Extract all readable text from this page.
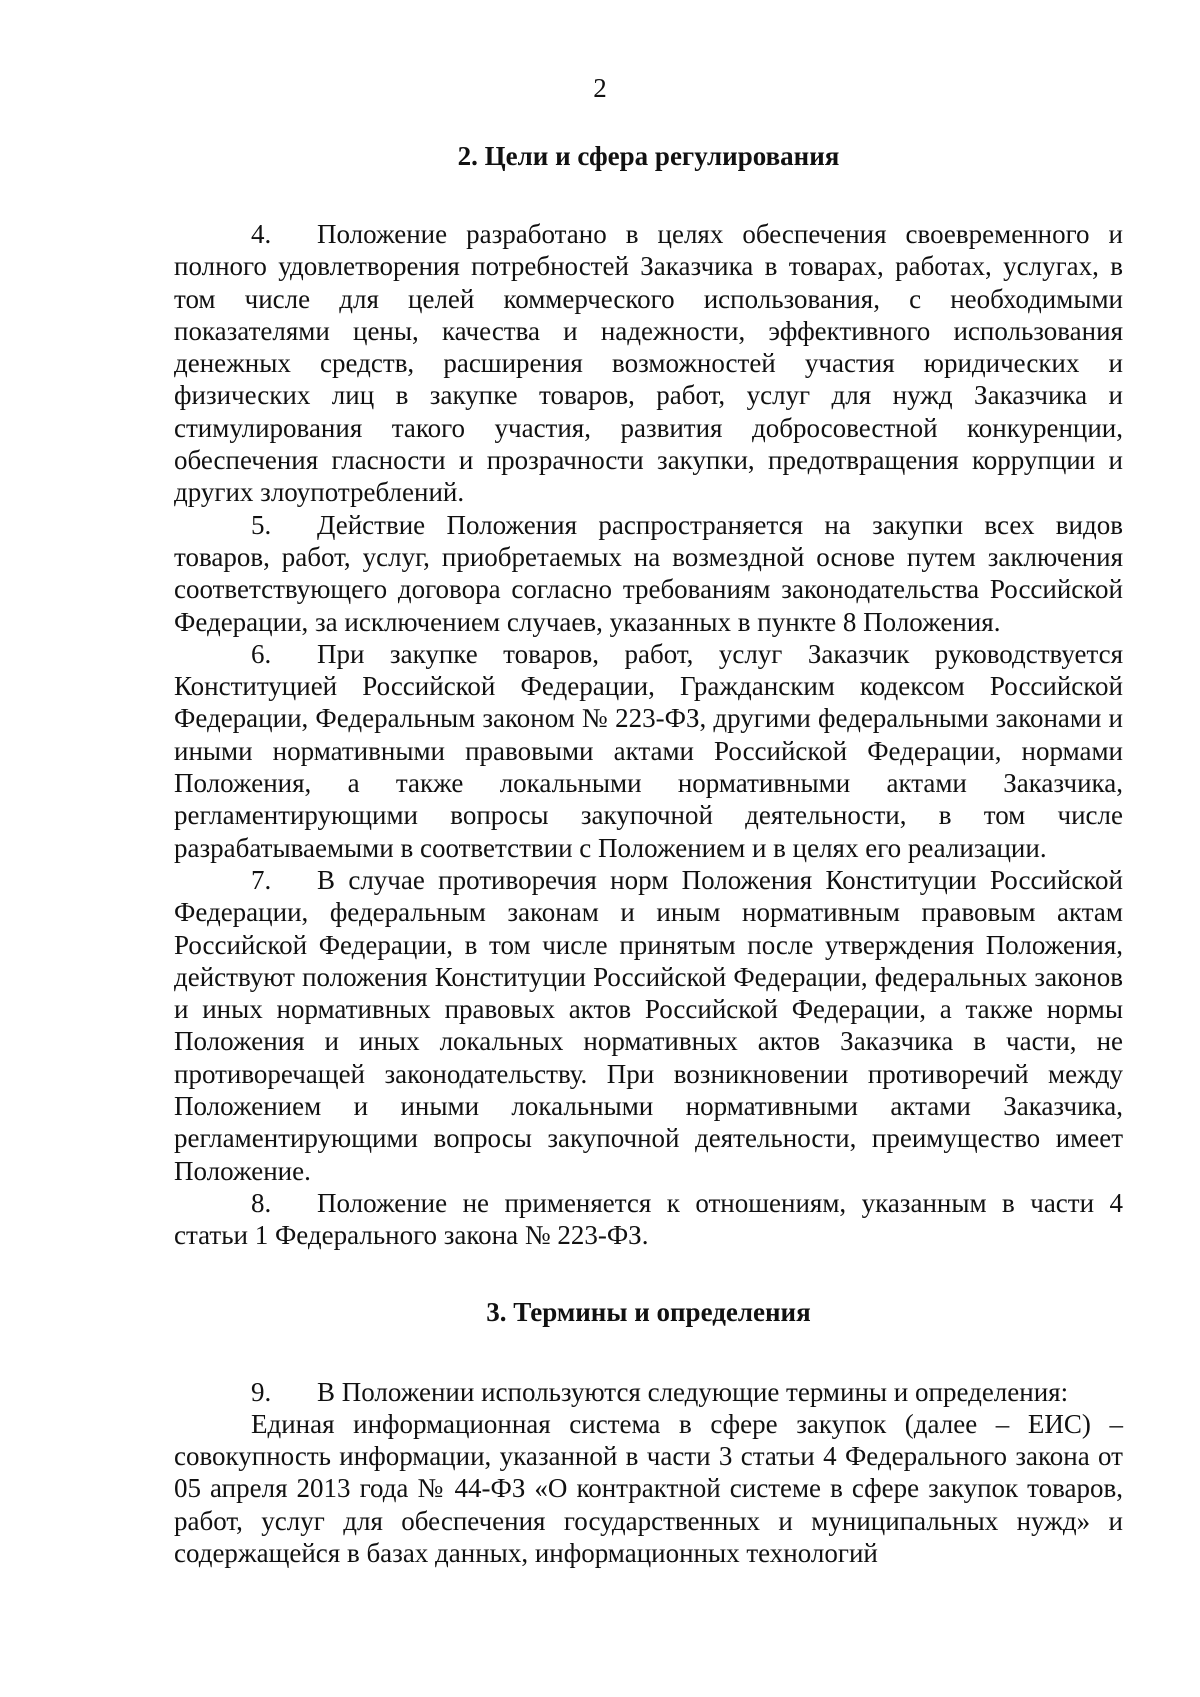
2
2. Цели и сфера регулирования

4. Положение разработано в целях обеспечения своевременного и полного удовлетворения потребностей Заказчика в товарах, работах, услугах, в том числе для целей коммерческого использования, с необходимыми показателями цены, качества и надежности, эффективного использования денежных средств, расширения возможностей участия юридических и физических лиц в закупке товаров, работ, услуг для нужд Заказчика и стимулирования такого участия, развития добросовестной конкуренции, обеспечения гласности и прозрачности закупки, предотвращения коррупции и других злоупотреблений.

5. Действие Положения распространяется на закупки всех видов товаров, работ, услуг, приобретаемых на возмездной основе путем заключения соответствующего договора согласно требованиям законодательства Российской Федерации, за исключением случаев, указанных в пункте 8 Положения.

6. При закупке товаров, работ, услуг Заказчик руководствуется Конституцией Российской Федерации, Гражданским кодексом Российской Федерации, Федеральным законом № 223-ФЗ, другими федеральными законами и иными нормативными правовыми актами Российской Федерации, нормами Положения, а также локальными нормативными актами Заказчика, регламентирующими вопросы закупочной деятельности, в том числе разрабатываемыми в соответствии с Положением и в целях его реализации.

7. В случае противоречия норм Положения Конституции Российской Федерации, федеральным законам и иным нормативным правовым актам Российской Федерации, в том числе принятым после утверждения Положения, действуют положения Конституции Российской Федерации, федеральных законов и иных нормативных правовых актов Российской Федерации, а также нормы Положения и иных локальных нормативных актов Заказчика в части, не противоречащей законодательству. При возникновении противоречий между Положением и иными локальными нормативными актами Заказчика, регламентирующими вопросы закупочной деятельности, преимущество имеет Положение.

8. Положение не применяется к отношениям, указанным в части 4 статьи 1 Федерального закона № 223-ФЗ.

3. Термины и определения

9. В Положении используются следующие термины и определения:

Единая информационная система в сфере закупок (далее – ЕИС) – совокупность информации, указанной в части 3 статьи 4 Федерального закона от 05 апреля 2013 года № 44-ФЗ «О контрактной системе в сфере закупок товаров, работ, услуг для обеспечения государственных и муниципальных нужд» и содержащейся в базах данных, информационных технологий
